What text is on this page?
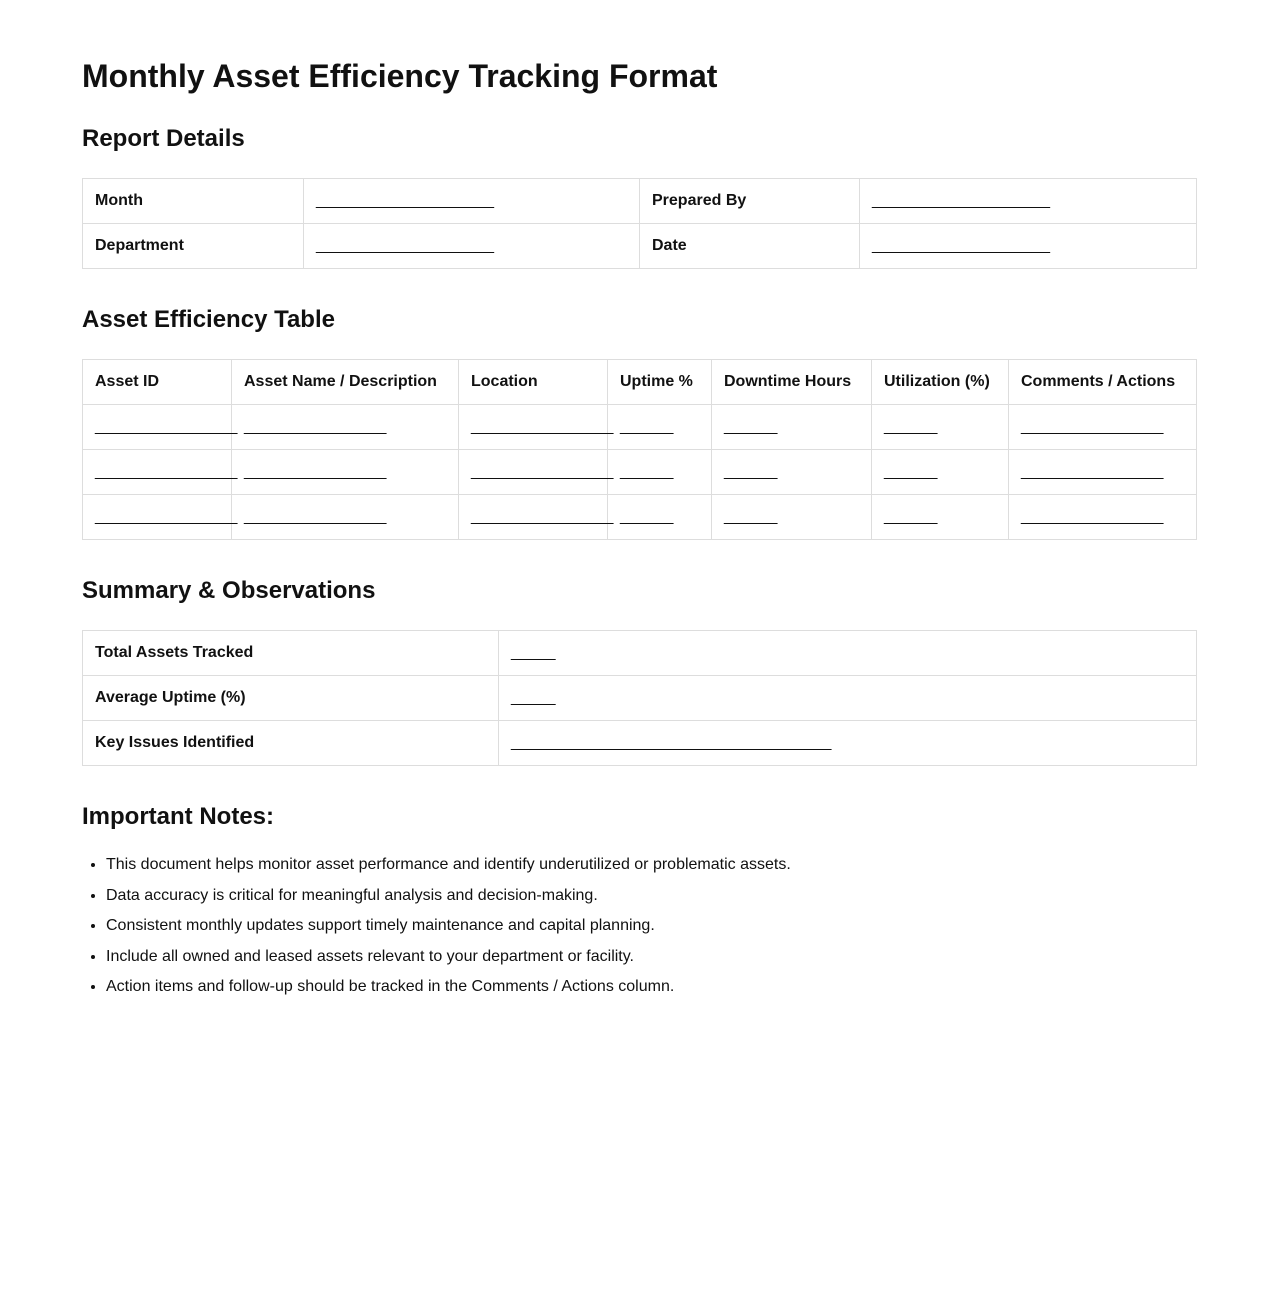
Monthly Asset Efficiency Tracking Format
Report Details
Month	____________________	Prepared By	____________________
Department	____________________	Date	____________________
Asset Efficiency Table
Asset ID	Asset Name / Description	Location	Uptime %	Downtime Hours	Utilization (%)	Comments / Actions
________________	________________	________________	______	______	______	________________
________________	________________	________________	______	______	______	________________
________________	________________	________________	______	______	______	________________
Summary & Observations
Total Assets Tracked	_____
Average Uptime (%)	_____
Key Issues Identified	____________________________________
Important Notes:
• This document helps monitor asset performance and identify underutilized or problematic assets.
• Data accuracy is critical for meaningful analysis and decision-making.
• Consistent monthly updates support timely maintenance and capital planning.
• Include all owned and leased assets relevant to your department or facility.
• Action items and follow-up should be tracked in the Comments / Actions column.
